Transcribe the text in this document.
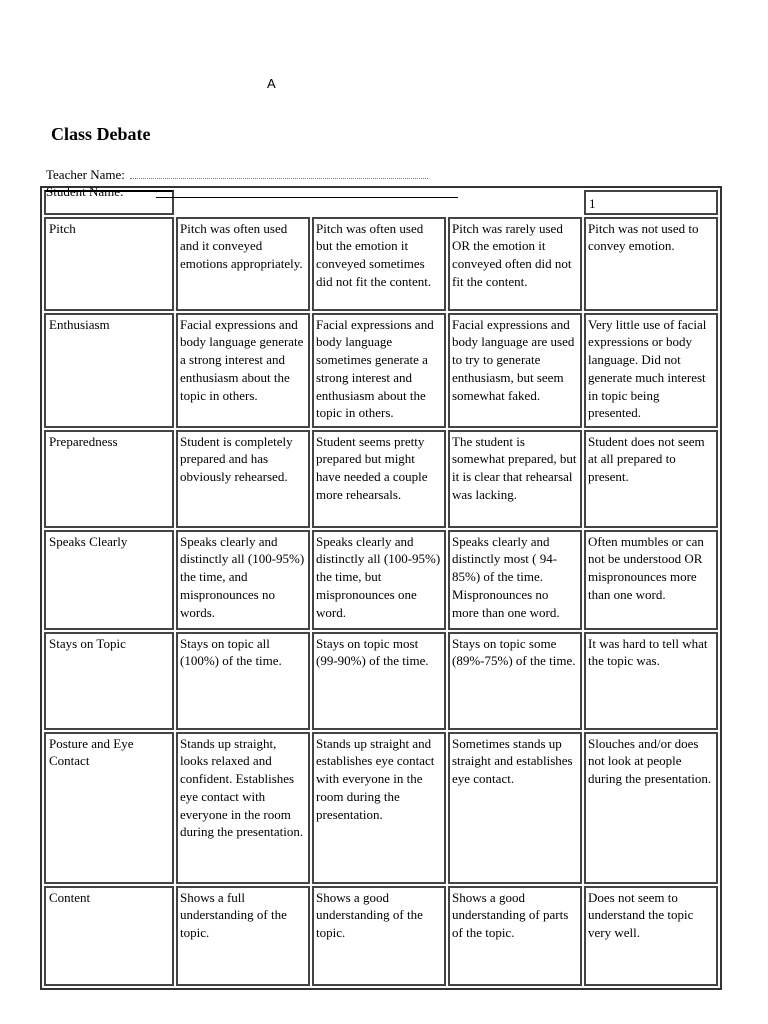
A
Class Debate
Teacher Name:
Student Name:
				1
Pitch	Pitch was often used and it conveyed emotions appropriately.	Pitch was often used but the emotion it conveyed sometimes did not fit the content.	Pitch was rarely used OR the emotion it conveyed often did not fit the content.	Pitch was not used to convey emotion.
Enthusiasm	Facial expressions and body language generate a strong interest and enthusiasm about the topic in others.	Facial expressions and body language sometimes generate a strong interest and enthusiasm about the topic in others.	Facial expressions and body language are used to try to generate enthusiasm, but seem somewhat faked.	Very little use of facial expressions or body language. Did not generate much interest in topic being presented.
Preparedness	Student is completely prepared and has obviously rehearsed.	Student seems pretty prepared but might have needed a couple more rehearsals.	The student is somewhat prepared, but it is clear that rehearsal was lacking.	Student does not seem at all prepared to present.
Speaks Clearly	Speaks clearly and distinctly all (100-95%) the time, and mispronounces no words.	Speaks clearly and distinctly all (100-95%) the time, but mispronounces one word.	Speaks clearly and distinctly most ( 94-85%) of the time. Mispronounces no more than one word.	Often mumbles or can not be understood OR mispronounces more than one word.
Stays on Topic	Stays on topic all (100%) of the time.	Stays on topic most (99-90%) of the time.	Stays on topic some (89%-75%) of the time.	It was hard to tell what the topic was.
Posture and Eye Contact	Stands up straight, looks relaxed and confident. Establishes eye contact with everyone in the room during the presentation.	Stands up straight and establishes eye contact with everyone in the room during the presentation.	Sometimes stands up straight and establishes eye contact.	Slouches and/or does not look at people during the presentation.
Content	Shows a full understanding of the topic.	Shows a good understanding of the topic.	Shows a good understanding of parts of the topic.	Does not seem to understand the topic very well.
